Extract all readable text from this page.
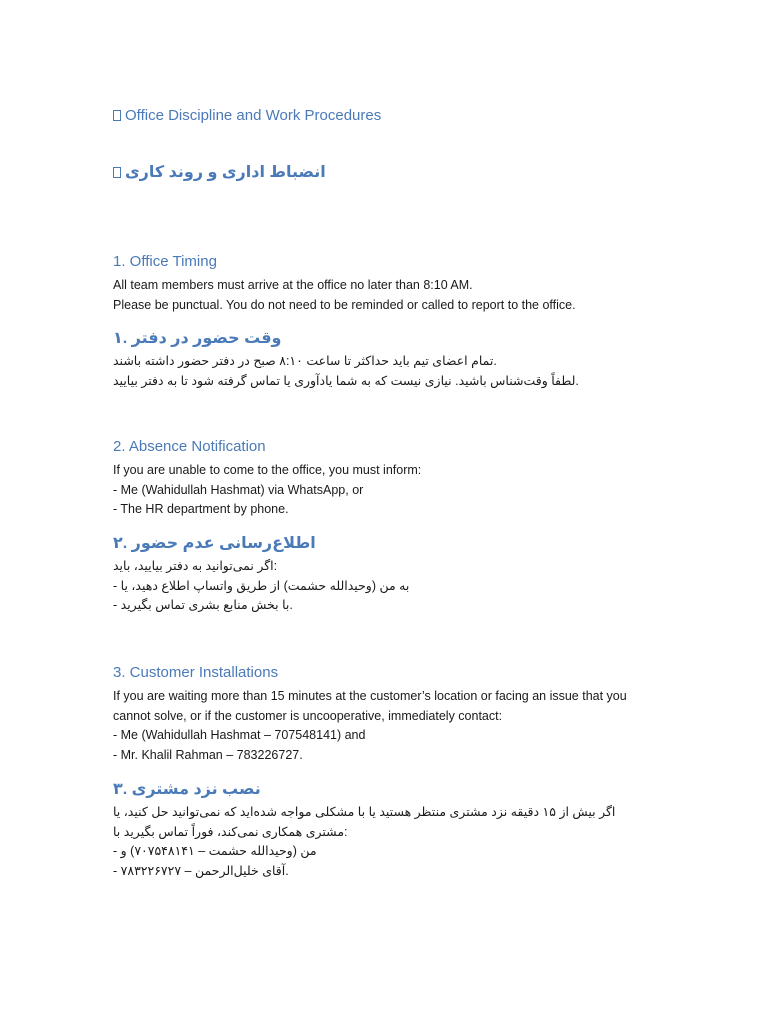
Office Discipline and Work Procedures
انضباط اداری و روند کاری
1. Office Timing
All team members must arrive at the office no later than 8:10 AM.
Please be punctual. You do not need to be reminded or called to report to the office.
۱. وقت حضور در دفتر
تمام اعضای تیم باید حداکثر تا ساعت ۸:۱۰ صبح در دفتر حضور داشته باشند.
لطفاً وقت‌شناس باشید. نیازی نیست که به شما یادآوری یا تماس گرفته شود تا به دفتر بیایید.
2. Absence Notification
If you are unable to come to the office, you must inform:
- Me (Wahidullah Hashmat) via WhatsApp, or
- The HR department by phone.
۲. اطلاع‌رسانی عدم حضور
اگر نمی‌توانید به دفتر بیایید، باید:
- به من (وحیدالله حشمت) از طریق واتساپ اطلاع دهید، یا
- با بخش منابع بشری تماس بگیرید.
3. Customer Installations
If you are waiting more than 15 minutes at the customer’s location or facing an issue that you cannot solve, or if the customer is uncooperative, immediately contact:
- Me (Wahidullah Hashmat – 707548141) and
- Mr. Khalil Rahman – 783226727.
۳. نصب نزد مشتری
اگر بیش از ۱۵ دقیقه نزد مشتری منتظر هستید یا با مشکلی مواجه شده‌اید که نمی‌توانید حل کنید، یا مشتری همکاری نمی‌کند، فوراً تماس بگیرید با:
- من (وحیدالله حشمت – ۷۰۷۵۴۸۱۴۱) و
- آقای خلیل‌الرحمن – ۷۸۳۲۲۶۷۲۷.
